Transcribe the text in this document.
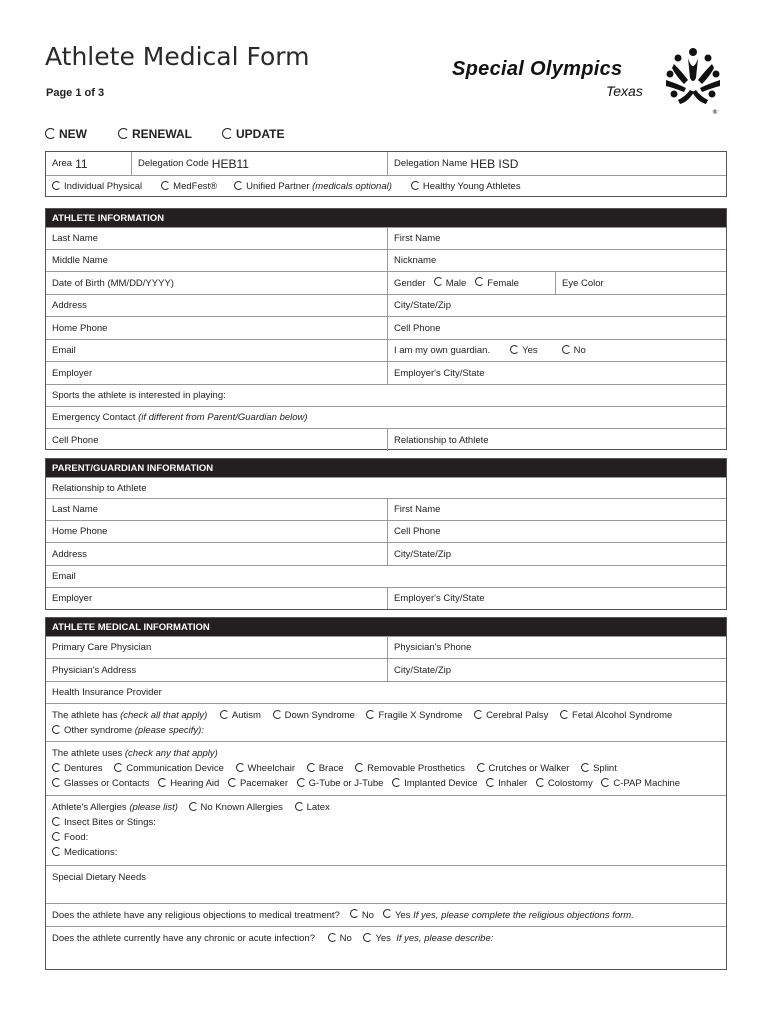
Athlete Medical Form
Page 1 of 3
Special Olympics
Texas
®
NEW	RENEWAL	UPDATE
Area 11	Delegation Code HEB11	Delegation Name HEB ISD
Individual Physical	MedFest®	Unified Partner (medicals optional)	Healthy Young Athletes
ATHLETE INFORMATION
Last Name	First Name
Middle Name	Nickname
Date of Birth (MM/DD/YYYY)	Gender	Male	Female	Eye Color
Address	City/State/Zip
Home Phone	Cell Phone
Email	I am my own guardian.	Yes	No
Employer	Employer's City/State
Sports the athlete is interested in playing:
Emergency Contact
(if different from Parent/Guardian below)
Cell Phone	Relationship to Athlete
PARENT/GUARDIAN INFORMATION
Relationship to Athlete
Last Name	First Name
Home Phone	Cell Phone
Address	City/State/Zip
Email
Employer	Employer's City/State
ATHLETE MEDICAL INFORMATION
Primary Care Physician	Physician's Phone
Physician's Address	City/State/Zip
Health Insurance Provider
The athlete has (check all that apply)	Autism Down Syndrome Fragile X Syndrome Cerebral Palsy Fetal Alcohol Syndrome
Other syndrome (please specify):
The athlete uses (check any that apply)
Dentures Communication Device Wheelchair Brace Removable Prosthetics Crutches or Walker Splint
Glasses or Contacts Hearing Aid Pacemaker G-Tube or J-Tube Implanted Device Inhaler Colostomy C-PAP Machine
Athlete's Allergies (please list) No Known Allergies Latex
Insect Bites or Stings:
Food:
Medications:
Special Dietary Needs
Does the athlete have any religious objections to medical treatment?	No	Yes
If yes, please complete the religious objections form.
Does the athlete currently have any chronic or acute infection?	No Yes If yes, please describe:
